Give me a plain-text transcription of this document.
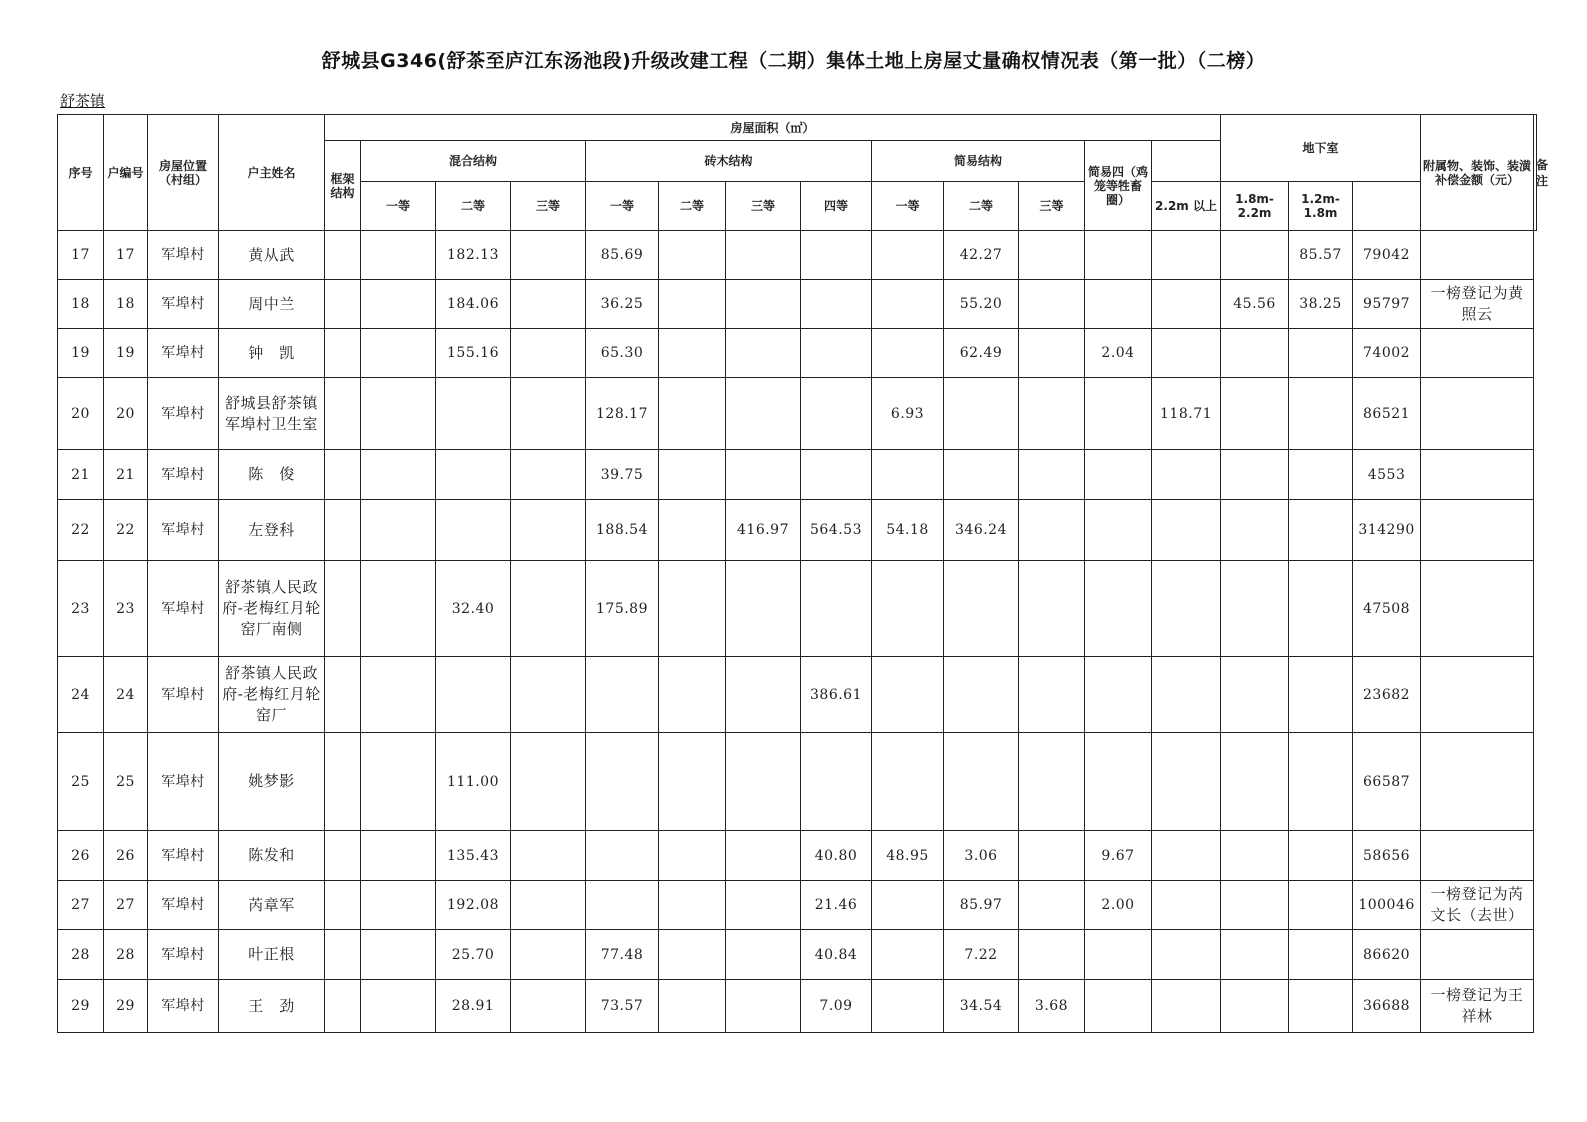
舒城县G346(舒茶至庐江东汤池段)升级改建工程（二期）集体土地上房屋丈量确权情况表（第一批）（二榜）
舒茶镇
序号	户编号	房屋位置（村组）	户主姓名	房屋面积（㎡）													地下室			附属物、装饰、装潢补偿金额（元）	备注
				框架结构	混合结构			砖木结构				简易结构			简易四（鸡笼等牲畜圈）						
					一等	二等	三等	一等	二等	三等	四等	一等	二等	三等		2.2m 以上	1.8m-2.2m	1.2m-1.8m			
17	17	军埠村	黄从武			182.13		85.69					42.27					85.57	79042		
18	18	军埠村	周中兰			184.06		36.25					55.20				45.56	38.25	95797	一榜登记为黄照云	
19	19	军埠村	钟　凯			155.16		65.30					62.49		2.04				74002		
20	20	军埠村	舒城县舒茶镇军埠村卫生室					128.17				6.93				118.71			86521		
21	21	军埠村	陈　俊					39.75											4553		
22	22	军埠村	左登科					188.54		416.97	564.53	54.18	346.24						314290		
23	23	军埠村	舒茶镇人民政府-老梅红月轮窑厂南侧			32.40		175.89											47508		
24	24	军埠村	舒茶镇人民政府-老梅红月轮窑厂								386.61								23682		
25	25	军埠村	姚梦影			111.00													66587		
26	26	军埠村	陈发和			135.43					40.80	48.95	3.06		9.67				58656		
27	27	军埠村	芮章军			192.08					21.46		85.97		2.00				100046	一榜登记为芮文长（去世）	
28	28	军埠村	叶正根			25.70		77.48			40.84		7.22						86620		
29	29	军埠村	王　劲			28.91		73.57			7.09		34.54	3.68					36688	一榜登记为王祥林	
